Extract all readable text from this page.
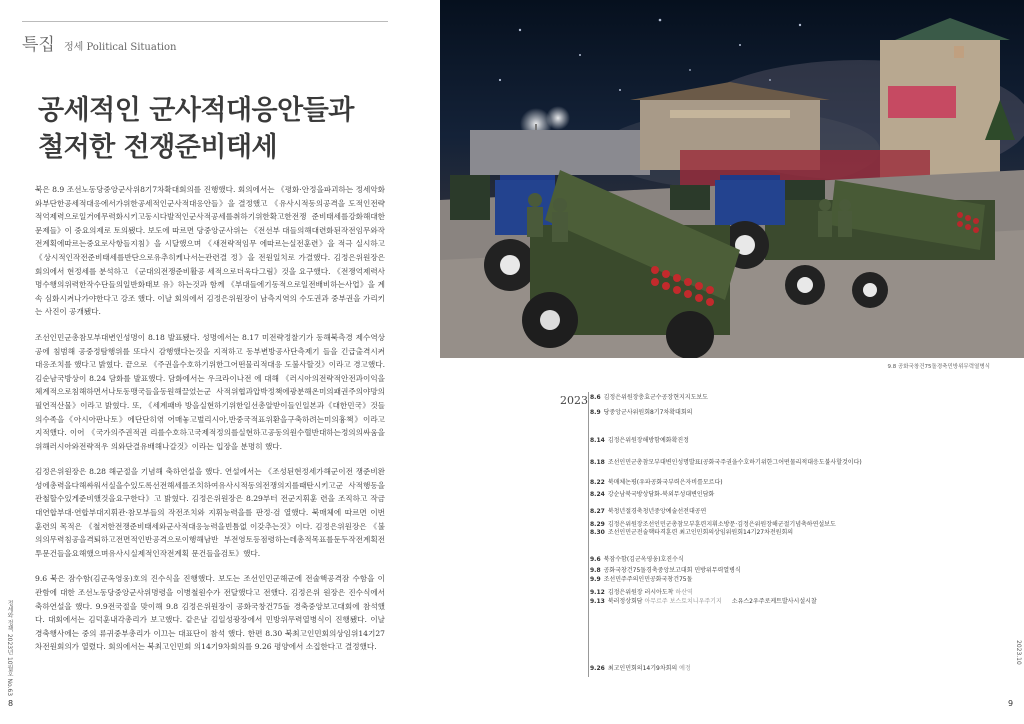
특집 정세 Political Situation
공세적인 군사적대응안들과
철저한 전쟁준비태세

북은 8.9 조선노동당중앙군사위8기7차확대회의를 진행했다. 회의에서는 《평화·안정을파괴하는 정세악화와부단한공세적대응에서가위한공세적인군사적대응안들》을 결정했고 《유사시적동의공격을 도적인전략적억제력으로일거에무력화시키고동시다발적인군사적공세를취하기위한확고한전쟁 준비태세를강화해대한문제들》이 중요의제로 토의됐다. 보도에 따르면 당중앙군사위는 《전선부 대들의해대련화된작전임무와작전계획에따르는중요로사항들지침》을 시달했으며 《새전략적임무 에따르는실전훈련》을 적극 실시하고 《상시적인작전준비태세를반단으로유추히케나서는관련결 정》을 전원일치로 가결했다. 김정은위원장은 회의에서 현정세를 분석하고 《군대의전쟁준비활공 세적으로더욱다그림》것을 요구했다. 《전쟁억제력사명수행의위력한작수단들의일반화태보 유》하는것과 함께 《부대들에기동적으로일전배비하는사업》을 계속 심화시켜나가야한다고 강조 했다. 이날 회의에서 김정은위원장이 남측지역의 수도권과 중부권을 가리키는 사진이 공개됐다.

조선인민군총참모부대변인성명이 8.18 발표됐다. 성명에서는 8.17 미전략정찰기가 동해북측경 제수역상공에 침범해 공중정탐행위를 또다시 감행했다는것을 지적하고 동부변방공사단측제기 들을 긴급출격시켜 대응조치를 했다고 밝혔다. 끝으로 《주권을수호하기위한그어떤물리적대응 도불사할것》이라고 경고했다. 김순남국방상이 8.24 담화를 발표했다. 담화에서는 우크라이나전 에 대해 《러시아의전략적안전과이익을체계적으로침해하면서나토동맹국들을동원해끌었는군 사적위협과압박정책에광분해온미의패권주의야망의필연적산물》이라고 밝혔다. 또, 《세계패바 방을실현하기위한일선총알받이들인일본과《대한민국》것들의수족을《아시아판나토》에단단히엮 어매놓고벌리시아,반중국적표위환을구축하려는미의흉책》이라고 지적했다. 이어 《국가의주권적권 리를수호하고국제적정의를실현하고공동의원수혈반대하는정의의싸움을위해러시아와전략적우 의와단결유배해나갈것》이라는 입장을 분명히 했다.

김정은위원장은 8.28 해군절을 기념해 축하연설을 했다. 연설에서는 《조성된현정세가해군이전 쟁준비완성에총력을다해싸워서실을수있도록선전해세를조치하여유사시적동의전쟁의지를때탄시키고군 사적행동을관철할수있게준비했것을요구한다》고 밝혔다. 김정은위원장은 8.29부터 전군지휘훈 련을 조직하고 작금 대연합부대·연합부대지휘관·참모부들의 작전조치와 지휘능력을를 판정·검 열했다. 북매체에 따르면 이번 훈련의 목적은 《철저한전쟁준비태세와군사적대응능력을빈틈없 이갖추는것》이다. 김정은위원장은 《불의의무력침공을격퇴하고전면적인반공격으로이행해남반 부전영토등점령하는데총적목표를둔두작전계획전투문건들을요해했으며유사시실제적인작전계획 문건들을검토》했다.

9.6 북은 잠수함(김군옥영웅)호의 진수식을 진행했다. 보도는 조선인민군해군에 전술핵공격잠 수함을 이관함에 대한 조선노동당중앙군사위명령을 이병철원수가 전달했다고 전했다. 김정은위 원장은 진수식에서 축하연설을 했다. 9.9전국절을 맞이해 9.8 김정은위원장이 공화국창건75돌 경축중앙보고대회에 참석했다. 대회에서는 김덕훈내각총리가 보고했다. 같은날 김일성광장에서 민방위무력열병식이 진행됐다. 이날 경축행사에는 중의 류귀중부총리가 이끄는 대표단이 참석 했다. 한편 8.30 북최고인민회의상임위14기27차전원회의가 열렸다. 회의에서는 북최고인민회 의14기9차회의를 9.26 평양에서 소집한다고 결정했다.

정세와 정책 2023년 10월호 No.63
8
9.8 공화국창건75돌경축민방위무력열병식
2023 8.6 김정은위원장충효군수공장현지지도보도
8.9 당중앙군사위원회8기7차확대회의
8.14 김정은위원장해방함예화확진정
8.18 조선인민군총참모부대변인성명발표(공화국주권을수호하기위한그어떤물리적대응도불사할것이다)
8.22 북매체논평(우파공화국부력은자비를모르다)
8.24 강순남북국방상담화-북외무성대변인담화
8.27 북청년절경축청년중앙예술선전대공연
8.29 김정은위원장조선인민군총참모부훈련지휘소방문·김정은위원장해군절기념축하연설보도
8.30 조선인민군전술핵타격훈련 최고인민회의상임위원회14기27차전원회의
9.6 북잠수함(김군옥영웅)호진수식
9.8 공화국창건75돌경축중앙보고대회 민방위무력열병식
9.9 조선민주주의인민공화국창건75돌
9.12 김정은위원장 러시아도착 하산역
9.13 북러정상회담 아무르주 보스토치니우주기지 소유스2우주로케트발사시설시찰
9.26 최고인민회의14기9차회의 예정
2023.10
9
